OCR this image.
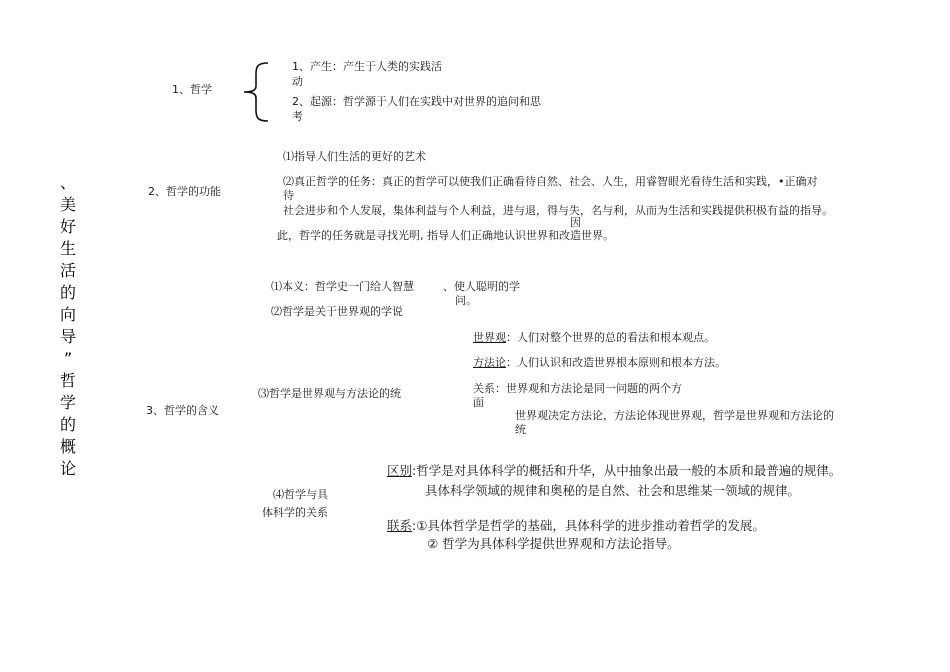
、
美
好
生
活
的
向
导
”
哲
学
的
概
论
1、哲学
1、产生：产生于人类的实践活
动
2、起源：哲学源于人们在实践中对世界的追问和思
考
2、哲学的功能
⑴指导人们生活的更好的艺术
⑵真正哲学的任务：真正的哲学可以使我们正确看待自然、社会、人生，用睿智眼光看待生活和实践，•正确对
待
社会进步和个人发展，集体利益与个人利益，进与退，得与失，名与利，从而为生活和实践提供积极有益的指导。
因
此，哲学的任务就是寻找光明, 指导人们正确地认识世界和改造世界。
3、哲学的含义
⑴本义：哲学史一门给人智慧	、使人聪明的学
问。
⑵哲学是关于世界观的学说
⑶哲学是世界观与方法论的统
世界观：人们对整个世界的总的看法和根本观点。
方法论：人们认识和改造世界根本原则和根本方法。
关系：世界观和方法论是同一问题的两个方
面
世界观决定方法论，方法论体现世界观，哲学是世界观和方法论的
统
⑷哲学与具
体科学的关系
区别:哲学是对具体科学的概括和升华，从中抽象出最一般的本质和最普遍的规律。
具体科学领域的规律和奥秘的是自然、社会和思维某一领域的规律。
联系:①具体哲学是哲学的基础，具体科学的进步推动着哲学的发展。
② 哲学为具体科学提供世界观和方法论指导。
